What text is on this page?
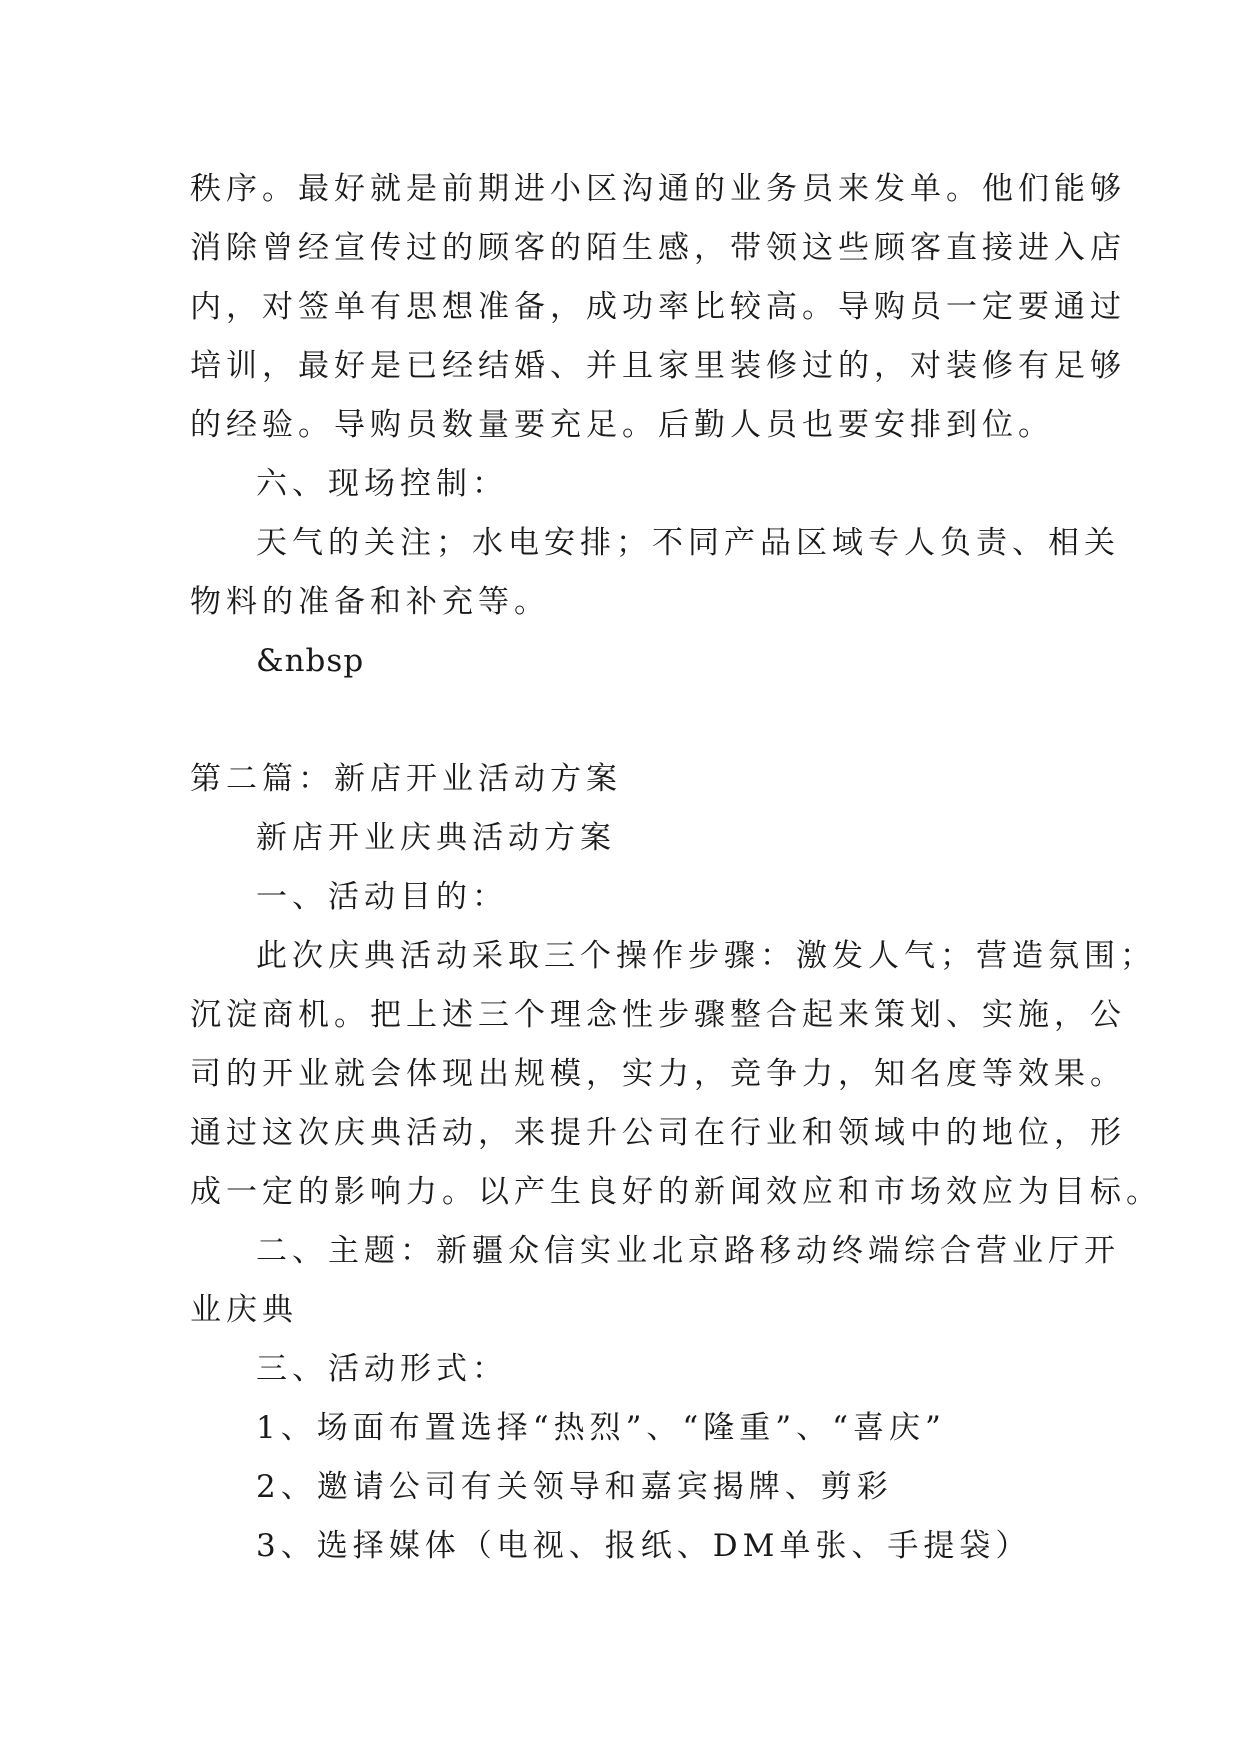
秩序。最好就是前期进小区沟通的业务员来发单。他们能够
消除曾经宣传过的顾客的陌生感，带领这些顾客直接进入店
内，对签单有思想准备，成功率比较高。导购员一定要通过
培训，最好是已经结婚、并且家里装修过的，对装修有足够
的经验。导购员数量要充足。后勤人员也要安排到位。
六、现场控制：
天气的关注；水电安排；不同产品区域专人负责、相关
物料的准备和补充等。
&nbsp
第二篇：新店开业活动方案
新店开业庆典活动方案
一、活动目的：
此次庆典活动采取三个操作步骤：激发人气；营造氛围；
沉淀商机。把上述三个理念性步骤整合起来策划、实施，公
司的开业就会体现出规模，实力，竞争力，知名度等效果。
通过这次庆典活动，来提升公司在行业和领域中的地位，形
成一定的影响力。以产生良好的新闻效应和市场效应为目标。
二、主题：新疆众信实业北京路移动终端综合营业厅开
业庆典
三、活动形式：
1、场面布置选择“热烈”、“隆重”、“喜庆”
2、邀请公司有关领导和嘉宾揭牌、剪彩
3、选择媒体（电视、报纸、DM单张、手提袋）
